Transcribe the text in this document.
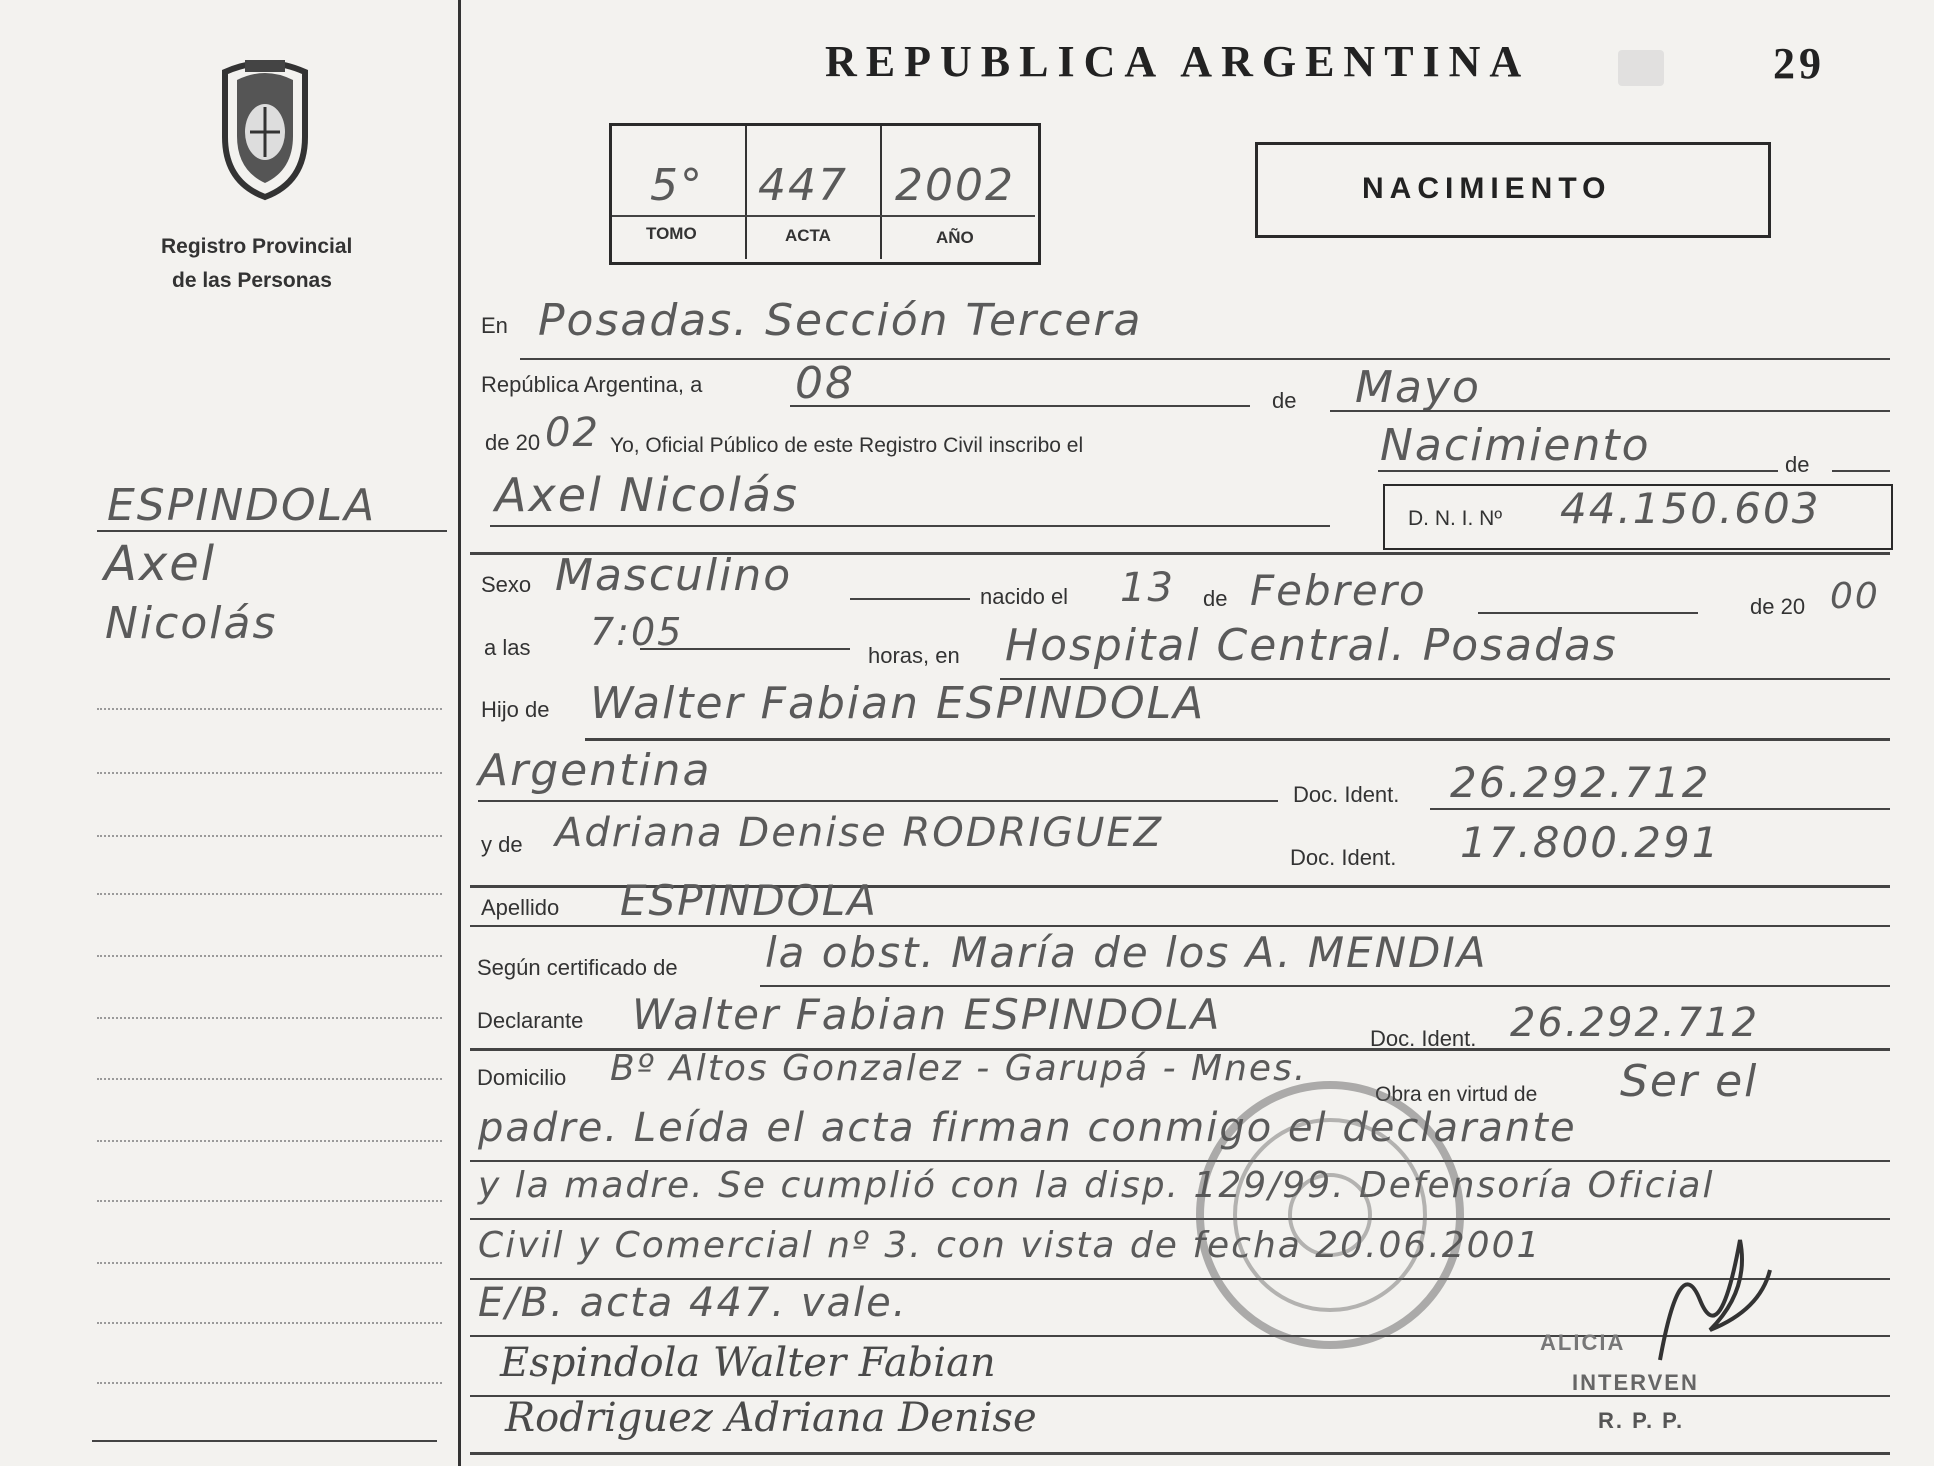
Registro Provincial
de las Personas
ESPINDOLA
Axel
Nicolás
REPUBLICA ARGENTINA	29
5° 447 2002
TOMO	ACTA	AÑO
NACIMIENTO
En Posadas. Sección Tercera
República Argentina, a 08	de Mayo
de 20 02 Yo, Oficial Público de este Registro Civil inscribo el	Nacimiento	de
Axel Nicolás	D. N. I. Nº 44.150.603
Sexo Masculino	nacido el 13 de Febrero	de 20 00
a las 7:05
horas, en Hospital Central. Posadas
Hijo de Walter Fabian ESPINDOLA
Argentina	Doc. Ident. 26.292.712
y de Adriana Denise RODRIGUEZ
Doc. Ident. 17.800.291
Apellido ESPINDOLA
Según certificado de la obst. María de los A. MENDIA
Declarante Walter Fabian ESPINDOLA	Doc. Ident. 26.292.712
Domicilio Bº Altos Gonzalez - Garupá - Mnes.
Obra en virtud de Ser el
padre. Leída el acta firman conmigo el declarante
y la madre. Se cumplió con la disp. 129/99. Defensoría Oficial
Civil y Comercial nº 3. con vista de fecha 20.06.2001
E/B. acta 447. vale.
Espindola Walter Fabian
Rodriguez Adriana Denise
ALICIA
INTERVEN
R. P. P.
